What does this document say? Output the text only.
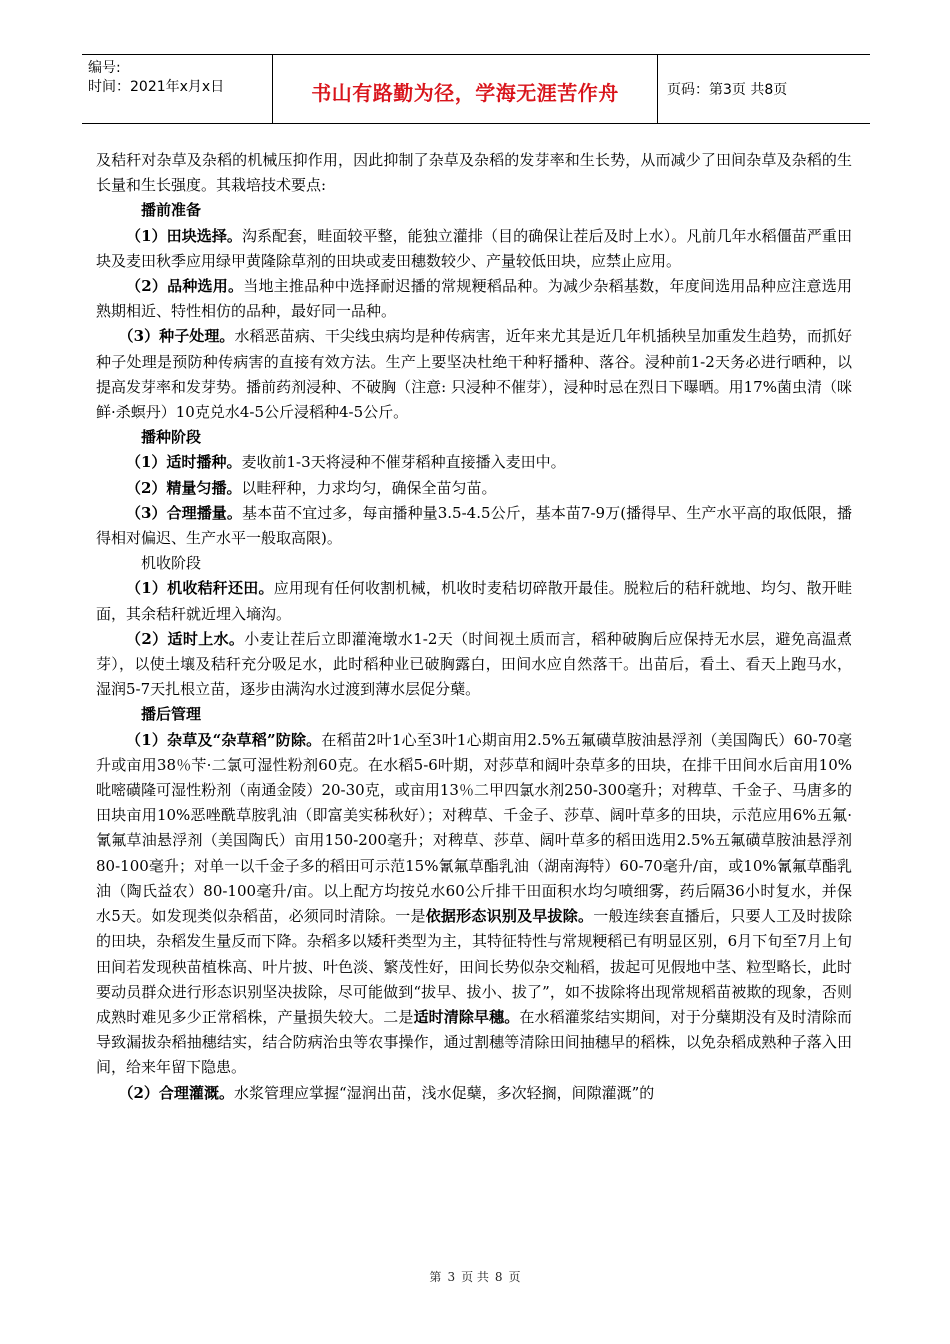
编号:
时间：2021年x月x日	书山有路勤为径，学海无涯苦作舟	页码：第3页 共8页

及秸秆对杂草及杂稻的机械压抑作用，因此抑制了杂草及杂稻的发芽率和生长势，从而减少了田间杂草及杂稻的生长量和生长强度。其栽培技术要点:

播前准备

（1）田块选择。沟系配套，畦面较平整，能独立灌排（目的确保让茬后及时上水）。凡前几年水稻僵苗严重田块及麦田秋季应用绿甲黄隆除草剂的田块或麦田穗数较少、产量较低田块，应禁止应用。

（2）品种选用。当地主推品种中选择耐迟播的常规粳稻品种。为减少杂稻基数，年度间选用品种应注意选用熟期相近、特性相仿的品种，最好同一品种。

（3）种子处理。水稻恶苗病、干尖线虫病均是种传病害，近年来尤其是近几年机插秧呈加重发生趋势，而抓好种子处理是预防种传病害的直接有效方法。生产上要坚决杜绝干种籽播种、落谷。浸种前1-2天务必进行晒种，以提高发芽率和发芽势。播前药剂浸种、不破胸（注意: 只浸种不催芽），浸种时忌在烈日下曝晒。用17%菌虫清（咪鲜·杀螟丹）10克兑水4-5公斤浸稻种4-5公斤。

播种阶段

（1）适时播种。麦收前1-3天将浸种不催芽稻种直接播入麦田中。

（2）精量匀播。以畦秤种，力求均匀，确保全苗匀苗。

（3）合理播量。基本苗不宜过多，每亩播种量3.5-4.5公斤，基本苗7-9万(播得早、生产水平高的取低限，播得相对偏迟、生产水平一般取高限)。

机收阶段

（1）机收秸秆还田。应用现有任何收割机械，机收时麦秸切碎散开最佳。脱粒后的秸秆就地、均匀、散开畦面，其余秸秆就近埋入墒沟。

（2）适时上水。小麦让茬后立即灌淹墩水1-2天（时间视土质而言，稻种破胸后应保持无水层，避免高温煮芽），以使土壤及秸秆充分吸足水，此时稻种业已破胸露白，田间水应自然落干。出苗后，看土、看天上跑马水，湿润5-7天扎根立苗，逐步由满沟水过渡到薄水层促分蘖。

播后管理

（1）杂草及“杂草稻”防除。在稻苗2叶1心至3叶1心期亩用2.5%五氟磺草胺油悬浮剂（美国陶氏）60-70毫升或亩用38％苄·二氯可湿性粉剂60克。在水稻5-6叶期，对莎草和阔叶杂草多的田块，在排干田间水后亩用10%吡嘧磺隆可湿性粉剂（南通金陵）20-30克，或亩用13％二甲四氯水剂250-300毫升；对稗草、千金子、马唐多的田块亩用10%恶唑酰草胺乳油（即富美实秭秋好）；对稗草、千金子、莎草、阔叶草多的田块，示范应用6%五氟·氰氟草油悬浮剂（美国陶氏）亩用150-200毫升；对稗草、莎草、阔叶草多的稻田选用2.5%五氟磺草胺油悬浮剂80-100毫升；对单一以千金子多的稻田可示范15%氰氟草酯乳油（湖南海特）60-70毫升/亩，或10%氰氟草酯乳油（陶氏益农）80-100毫升/亩。以上配方均按兑水60公斤排干田面积水均匀喷细雾，药后隔36小时复水，并保水5天。如发现类似杂稻苗，必须同时清除。一是依据形态识别及早拔除。一般连续套直播后，只要人工及时拔除的田块，杂稻发生量反而下降。杂稻多以矮秆类型为主，其特征特性与常规粳稻已有明显区别，6月下旬至7月上旬田间若发现秧苗植株高、叶片披、叶色淡、繁茂性好，田间长势似杂交籼稻，拔起可见假地中茎、粒型略长，此时要动员群众进行形态识别坚决拔除，尽可能做到“拔早、拔小、拔了”，如不拔除将出现常规稻苗被欺的现象，否则成熟时难见多少正常稻株，产量损失较大。二是适时清除早穗。在水稻灌浆结实期间，对于分蘖期没有及时清除而导致漏拔杂稻抽穗结实，结合防病治虫等农事操作，通过割穗等清除田间抽穗早的稻株，以免杂稻成熟种子落入田间，给来年留下隐患。

（2）合理灌溉。水浆管理应掌握“湿润出苗，浅水促蘖，多次轻搁，间隙灌溉”的

第 3 页 共 8 页
